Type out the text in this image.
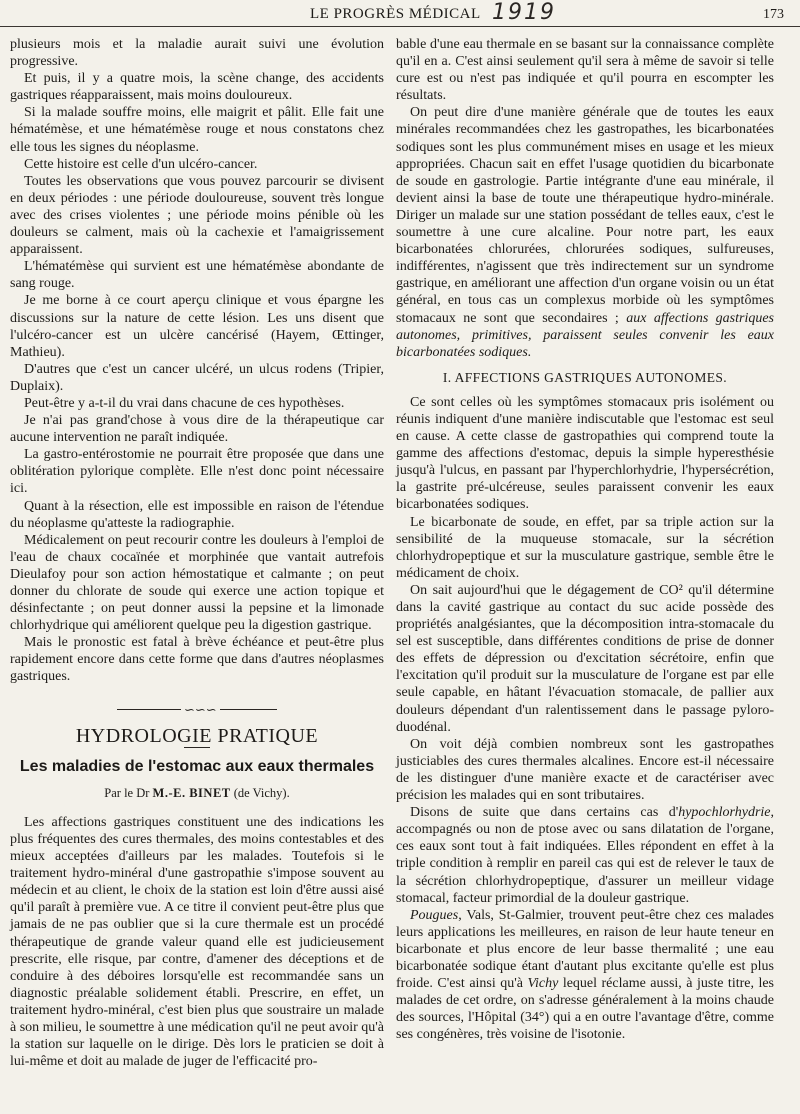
LE PROGRÈS MÉDICAL 1919	173

plusieurs mois et la maladie aurait suivi une évolution progressive.

Et puis, il y a quatre mois, la scène change, des accidents gastriques réapparaissent, mais moins douloureux.

Si la malade souffre moins, elle maigrit et pâlit. Elle fait une hématémèse, et une hématémèse rouge et nous constatons chez elle tous les signes du néoplasme.

Cette histoire est celle d'un ulcéro-cancer.

Toutes les observations que vous pouvez parcourir se divisent en deux périodes : une période douloureuse, souvent très longue avec des crises violentes ; une période moins pénible où les douleurs se calment, mais où la cachexie et l'amaigrissement apparaissent.

L'hématémèse qui survient est une hématémèse abondante de sang rouge.

Je me borne à ce court aperçu clinique et vous épargne les discussions sur la nature de cette lésion. Les uns disent que l'ulcéro-cancer est un ulcère cancérisé (Hayem, Œttinger, Mathieu).

D'autres que c'est un cancer ulcéré, un ulcus rodens (Tripier, Duplaix).

Peut-être y a-t-il du vrai dans chacune de ces hypothèses.

Je n'ai pas grand'chose à vous dire de la thérapeutique car aucune intervention ne paraît indiquée.

La gastro-entérostomie ne pourrait être proposée que dans une oblitération pylorique complète. Elle n'est donc point nécessaire ici.

Quant à la résection, elle est impossible en raison de l'étendue du néoplasme qu'atteste la radiographie.

Médicalement on peut recourir contre les douleurs à l'emploi de l'eau de chaux cocaïnée et morphinée que vantait autrefois Dieulafoy pour son action hémostatique et calmante ; on peut donner du chlorate de soude qui exerce une action topique et désinfectante ; on peut donner aussi la pepsine et la limonade chlorhydrique qui améliorent quelque peu la digestion gastrique.

Mais le pronostic est fatal à brève échéance et peut-être plus rapidement encore dans cette forme que dans d'autres néoplasmes gastriques.

∽∽∽
HYDROLOGIE PRATIQUE
Les maladies de l'estomac aux eaux thermales
Par le Dr M.-E. BINET (de Vichy).

Les affections gastriques constituent une des indications les plus fréquentes des cures thermales, des moins contestables et des mieux acceptées d'ailleurs par les malades. Toutefois si le traitement hydro-minéral d'une gastropathie s'impose souvent au médecin et au client, le choix de la station est loin d'être aussi aisé qu'il paraît à première vue. A ce titre il convient peut-être plus que jamais de ne pas oublier que si la cure thermale est un procédé thérapeutique de grande valeur quand elle est judicieusement prescrite, elle risque, par contre, d'amener des déceptions et de conduire à des déboires lorsqu'elle est recommandée sans un diagnostic préalable solidement établi. Prescrire, en effet, un traitement hydro-minéral, c'est bien plus que soustraire un malade à son milieu, le soumettre à une médication qu'il ne peut avoir qu'à la station sur laquelle on le dirige. Dès lors le praticien se doit à lui-même et doit au malade de juger de l'efficacité pro-

bable d'une eau thermale en se basant sur la connaissance complète qu'il en a. C'est ainsi seulement qu'il sera à même de savoir si telle cure est ou n'est pas indiquée et qu'il pourra en escompter les résultats.

On peut dire d'une manière générale que de toutes les eaux minérales recommandées chez les gastropathes, les bicarbonatées sodiques sont les plus communément mises en usage et les mieux appropriées. Chacun sait en effet l'usage quotidien du bicarbonate de soude en gastrologie. Partie intégrante d'une eau minérale, il devient ainsi la base de toute une thérapeutique hydro-minérale. Diriger un malade sur une station possédant de telles eaux, c'est le soumettre à une cure alcaline. Pour notre part, les eaux bicarbonatées chlorurées, chlorurées sodiques, sulfureuses, indifférentes, n'agissent que très indirectement sur un syndrome gastrique, en améliorant une affection d'un organe voisin ou un état général, en tous cas un complexus morbide où les symptômes stomacaux ne sont que secondaires ; aux affections gastriques autonomes, primitives, paraissent seules convenir les eaux bicarbonatées sodiques.

I. AFFECTIONS GASTRIQUES AUTONOMES.

Ce sont celles où les symptômes stomacaux pris isolément ou réunis indiquent d'une manière indiscutable que l'estomac est seul en cause. A cette classe de gastropathies qui comprend toute la gamme des affections d'estomac, depuis la simple hyperesthésie jusqu'à l'ulcus, en passant par l'hyperchlorhydrie, l'hypersécrétion, la gastrite pré-ulcéreuse, seules paraissent convenir les eaux bicarbonatées sodiques.

Le bicarbonate de soude, en effet, par sa triple action sur la sensibilité de la muqueuse stomacale, sur la sécrétion chlorhydropeptique et sur la musculature gastrique, semble être le médicament de choix.

On sait aujourd'hui que le dégagement de CO² qu'il détermine dans la cavité gastrique au contact du suc acide possède des propriétés analgésiantes, que la décomposition intra-stomacale du sel est susceptible, dans différentes conditions de prise de donner des effets de dépression ou d'excitation sécrétoire, enfin que l'excitation qu'il produit sur la musculature de l'organe est par elle seule capable, en hâtant l'évacuation stomacale, de pallier aux douleurs dépendant d'un ralentissement dans le passage pyloro-duodénal.

On voit déjà combien nombreux sont les gastropathes justiciables des cures thermales alcalines. Encore est-il nécessaire de les distinguer d'une manière exacte et de caractériser avec précision les malades qui en sont tributaires.

Disons de suite que dans certains cas d'hypochlorhydrie, accompagnés ou non de ptose avec ou sans dilatation de l'organe, ces eaux sont tout à fait indiquées. Elles répondent en effet à la triple condition à remplir en pareil cas qui est de relever le taux de la sécrétion chlorhydropeptique, d'assurer un meilleur vidage stomacal, facteur primordial de la douleur gastrique.

Pougues, Vals, St-Galmier, trouvent peut-être chez ces malades leurs applications les meilleures, en raison de leur haute teneur en bicarbonate et plus encore de leur basse thermalité ; une eau bicarbonatée sodique étant d'autant plus excitante qu'elle est plus froide. C'est ainsi qu'à Vichy lequel réclame aussi, à juste titre, les malades de cet ordre, on s'adresse généralement à la moins chaude des sources, l'Hôpital (34°) qui a en outre l'avantage d'être, comme ses congénères, très voisine de l'isotonie.
